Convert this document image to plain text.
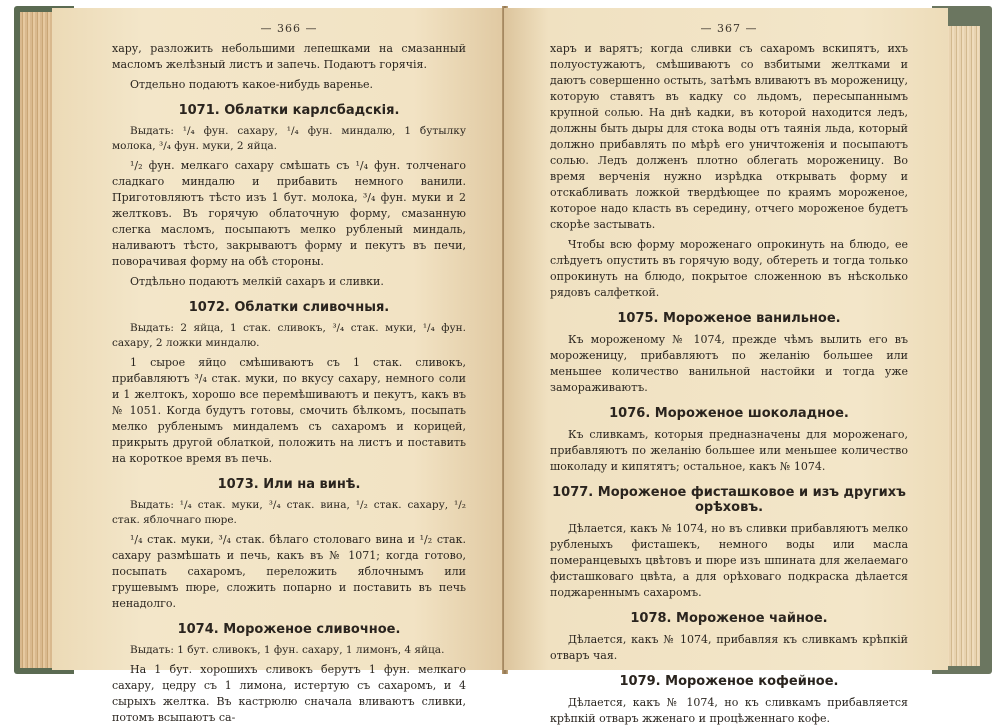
— 366 —
хару, разложить небольшими лепешками на смазанный масломъ желѣзный листъ и запечь. Подаютъ горячія.
Отдельно подаютъ какое-нибудь варенье.
1071. Облатки карлсбадскія.
Выдать: ¹/₄ фун. сахару, ¹/₄ фун. миндалю, 1 бутылку молока, ³/₄ фун. муки, 2 яйца.
¹/₂ фун. мелкаго сахару смѣшать съ ¹/₄ фун. толченаго сладкаго миндалю и прибавить немного ванили. Приготовляютъ тѣсто изъ 1 бут. молока, ³/₄ фун. муки и 2 желтковъ. Въ горячую облаточную форму, смазанную слегка масломъ, посыпаютъ мелко рубленый миндаль, наливаютъ тѣсто, закрываютъ форму и пекутъ въ печи, поворачивая форму на обѣ стороны.
Отдѣльно подаютъ мелкій сахаръ и сливки.
1072. Облатки сливочныя.
Выдать: 2 яйца, 1 стак. сливокъ, ³/₄ стак. муки, ¹/₄ фун. сахару, 2 ложки миндалю.
1 сырое яйцо смѣшиваютъ съ 1 стак. сливокъ, прибавляютъ ³/₄ стак. муки, по вкусу сахару, немного соли и 1 желтокъ, хорошо все перемѣшиваютъ и пекутъ, какъ въ № 1051. Когда будутъ готовы, смочить бѣлкомъ, посыпать мелко рубленымъ миндалемъ съ сахаромъ и корицей, прикрыть другой облаткой, положить на листъ и поставить на короткое время въ печь.
1073. Или на винѣ.
Выдать: ¹/₄ стак. муки, ³/₄ стак. вина, ¹/₂ стак. сахару, ¹/₂ стак. яблочнаго пюре.
¹/₄ стак. муки, ³/₄ стак. бѣлаго столоваго вина и ¹/₂ стак. сахару размѣшать и печь, какъ въ № 1071; когда готово, посыпать сахаромъ, переложить яблочнымъ или грушевымъ пюре, сложить попарно и поставить въ печь ненадолго.
1074. Мороженое сливочное.
Выдать: 1 бут. сливокъ, 1 фун. сахару, 1 лимонъ, 4 яйца.
На 1 бут. хорошихъ сливокъ берутъ 1 фун. мелкаго сахару, цедру съ 1 лимона, истертую съ сахаромъ, и 4 сырыхъ желтка. Въ кастрюлю сначала вливаютъ сливки, потомъ всыпаютъ са-
— 367 —
харъ и варятъ; когда сливки съ сахаромъ вскипятъ, ихъ полуостужаютъ, смѣшиваютъ со взбитыми желтками и даютъ совершенно остыть, затѣмъ вливаютъ въ мороженицу, которую ставятъ въ кадку со льдомъ, пересыпаннымъ крупной солью. На днѣ кадки, въ которой находится ледъ, должны быть дыры для стока воды отъ таянія льда, который должно прибавлять по мѣрѣ его уничтоженія и посыпаютъ солью. Ледъ долженъ плотно облегать мороженицу. Во время верченія нужно изрѣдка открывать форму и отскабливать ложкой твердѣющее по краямъ мороженое, которое надо класть въ середину, отчего мороженое будетъ скорѣе застывать.
Чтобы всю форму мороженаго опрокинуть на блюдо, ее слѣдуетъ опустить въ горячую воду, обтереть и тогда только опрокинуть на блюдо, покрытое сложенною въ нѣсколько рядовъ салфеткой.
1075. Мороженое ванильное.
Къ мороженому № 1074, прежде чѣмъ вылить его въ мороженицу, прибавляютъ по желанію большее или меньшее количество ванильной настойки и тогда уже замораживаютъ.
1076. Мороженое шоколадное.
Къ сливкамъ, которыя предназначены для мороженаго, прибавляютъ по желанію большее или меньшее количество шоколаду и кипятятъ; остальное, какъ № 1074.
1077. Мороженое фисташковое и изъ другихъ орѣховъ.
Дѣлается, какъ № 1074, но въ сливки прибавляютъ мелко рубленыхъ фисташекъ, немного воды или масла померанцевыхъ цвѣтовъ и пюре изъ шпината для желаемаго фисташковаго цвѣта, а для орѣховаго подкраска дѣлается поджареннымъ сахаромъ.
1078. Мороженое чайное.
Дѣлается, какъ № 1074, прибавляя къ сливкамъ крѣпкій отваръ чая.
1079. Мороженое кофейное.
Дѣлается, какъ № 1074, но къ сливкамъ прибавляется крѣпкій отваръ жженаго и процѣженнаго кофе.
